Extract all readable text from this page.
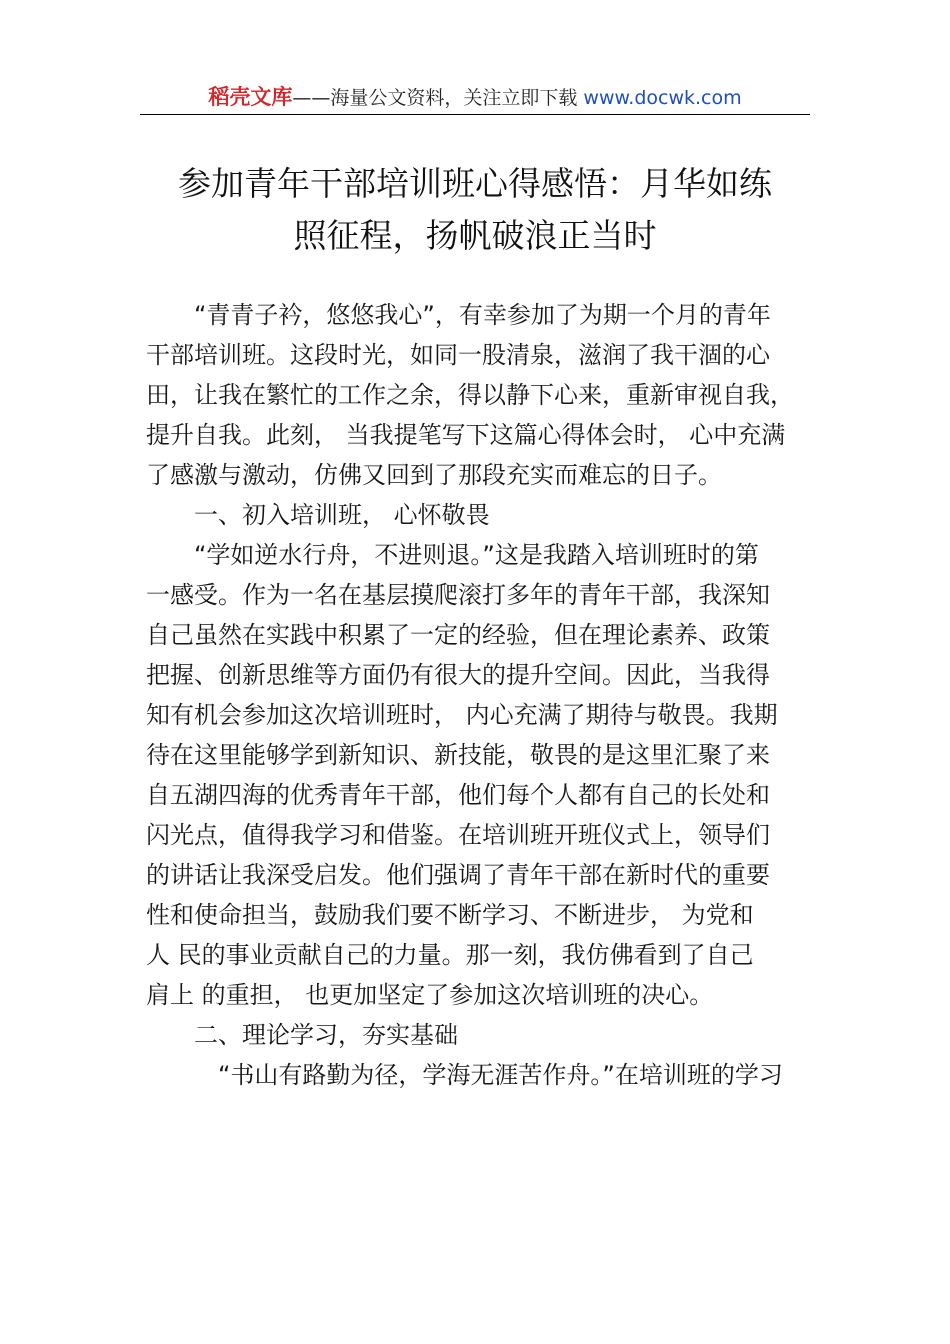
稻壳文库——海量公文资料，关注立即下载 www.docwk.com
参加青年干部培训班心得感悟：月华如练
照征程，扬帆破浪正当时
“青青子衿，悠悠我心”，有幸参加了为期一个月的青年
干部培训班。这段时光，如同一股清泉，滋润了我干涸的心
田，让我在繁忙的工作之余，得以静下心来，重新审视自我，
提升自我。此刻， 当我提笔写下这篇心得体会时， 心中充满
了感激与激动，仿佛又回到了那段充实而难忘的日子。
一、初入培训班， 心怀敬畏
“学如逆水行舟，不进则退。”这是我踏入培训班时的第
一感受。作为一名在基层摸爬滚打多年的青年干部，我深知
自己虽然在实践中积累了一定的经验，但在理论素养、政策
把握、创新思维等方面仍有很大的提升空间。因此，当我得
知有机会参加这次培训班时， 内心充满了期待与敬畏。我期
待在这里能够学到新知识、新技能，敬畏的是这里汇聚了来
自五湖四海的优秀青年干部，他们每个人都有自己的长处和
闪光点，值得我学习和借鉴。在培训班开班仪式上，领导们
的讲话让我深受启发。他们强调了青年干部在新时代的重要
性和使命担当，鼓励我们要不断学习、不断进步， 为党和
人 民的事业贡献自己的力量。那一刻，我仿佛看到了自己
肩上 的重担， 也更加坚定了参加这次培训班的决心。
二、理论学习，夯实基础
“书山有路勤为径，学海无涯苦作舟。”在培训班的学习
